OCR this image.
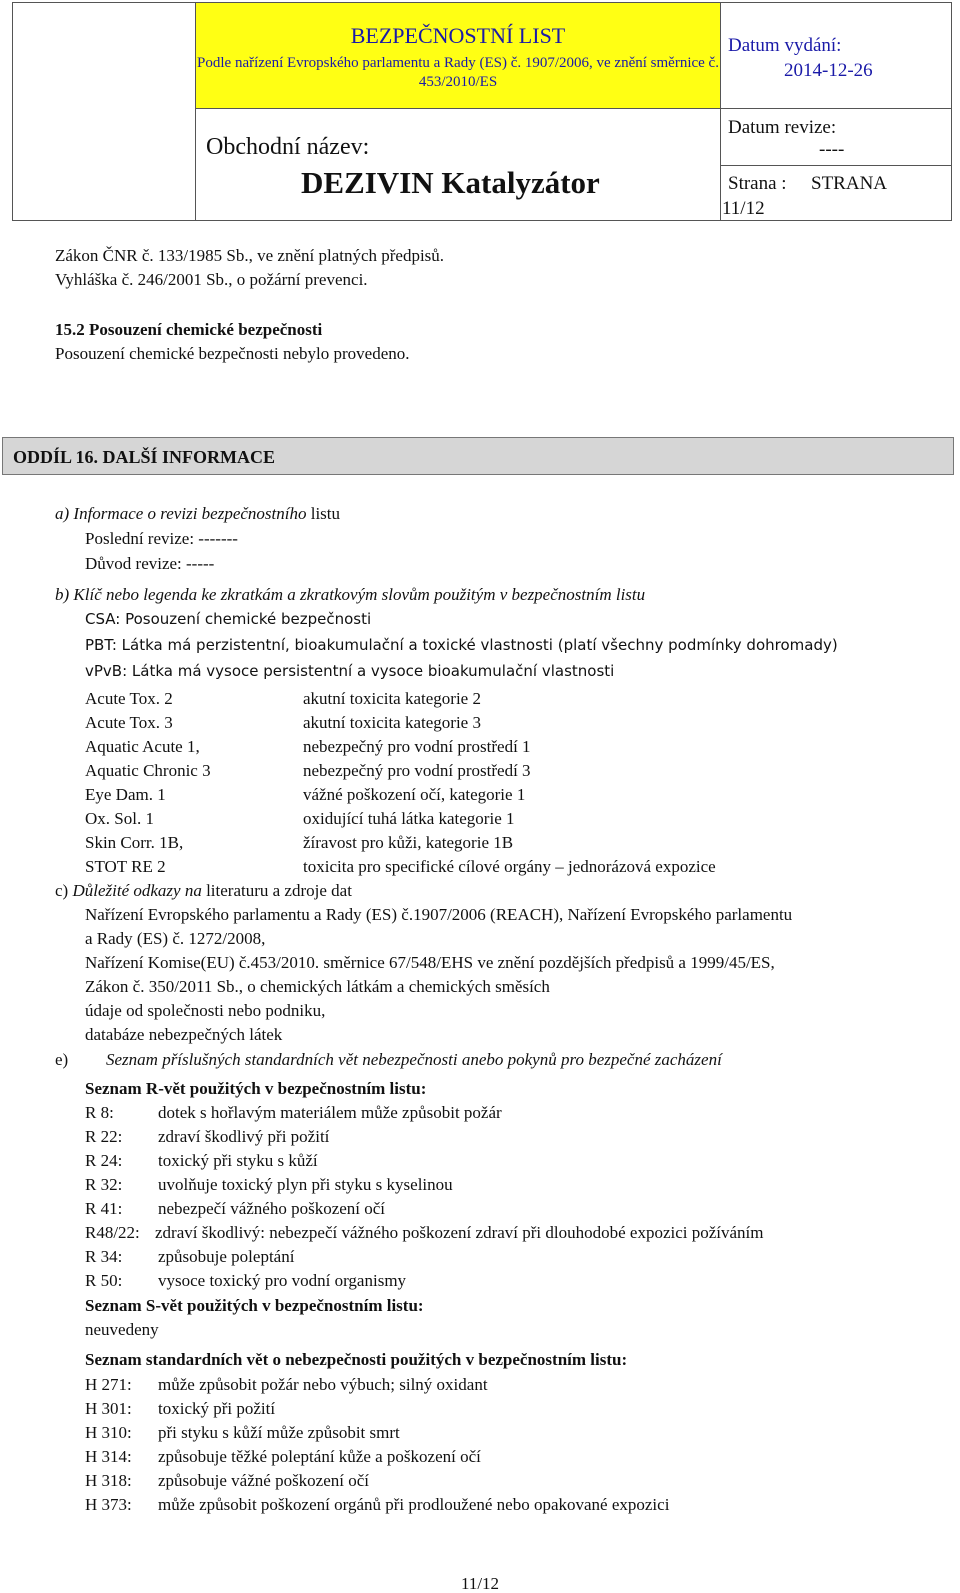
BEZPEČNOSTNÍ LIST
Podle nařízení Evropského parlamentu a Rady (ES) č. 1907/2006, ve znění směrnice č. 453/2010/ES
Obchodní název:
DEZIVIN Katalyzátor
Datum vydání:
2014-12-26
Datum revize:
----
Strana : STRANA
11/12
Zákon ČNR č. 133/1985 Sb., ve znění platných předpisů.
Vyhláška č. 246/2001 Sb., o požární prevenci.
15.2 Posouzení chemické bezpečnosti
Posouzení chemické bezpečnosti nebylo provedeno.
ODDÍL 16. DALŠÍ INFORMACE
a) Informace o revizi bezpečnostního listu
Poslední revize: -------
Důvod revize: -----
b) Klíč nebo legenda ke zkratkám a zkratkovým slovům použitým v bezpečnostním listu
CSA: Posouzení chemické bezpečnosti
PBT: Látka má perzistentní, bioakumulační a toxické vlastnosti (platí všechny podmínky dohromady)
vPvB: Látka má vysoce persistentní a vysoce bioakumulační vlastnosti
Acute Tox. 2	akutní toxicita kategorie 2
Acute Tox. 3	akutní toxicita kategorie 3
Aquatic Acute 1,	nebezpečný pro vodní prostředí 1
Aquatic Chronic 3	nebezpečný pro vodní prostředí 3
Eye Dam. 1	vážné poškození očí, kategorie 1
Ox. Sol. 1	oxidující tuhá látka kategorie 1
Skin Corr. 1B,	žíravost pro kůži, kategorie 1B
STOT RE 2	toxicita pro specifické cílové orgány – jednorázová expozice
c) Důležité odkazy na literaturu a zdroje dat
Nařízení Evropského parlamentu a Rady (ES) č.1907/2006 (REACH), Nařízení Evropského parlamentu
a Rady (ES) č. 1272/2008,
Nařízení Komise(EU) č.453/2010. směrnice 67/548/EHS ve znění pozdějších předpisů a 1999/45/ES,
Zákon č. 350/2011 Sb., o chemických látkám a chemických směsích
údaje od společnosti nebo podniku,
databáze nebezpečných látek
e) Seznam příslušných standardních vět nebezpečnosti anebo pokynů pro bezpečné zacházení
Seznam R-vět použitých v bezpečnostním listu:
R 8:	dotek s hořlavým materiálem může způsobit požár
R 22: zdraví škodlivý při požití
R 24: toxický při styku s kůží
R 32: uvolňuje toxický plyn při styku s kyselinou
R 41: nebezpečí vážného poškození očí
R48/22: zdraví škodlivý: nebezpečí vážného poškození zdraví při dlouhodobé expozici požíváním
R 34: způsobuje poleptání
R 50: vysoce toxický pro vodní organismy
Seznam S-vět použitých v bezpečnostním listu:
neuvedeny
Seznam standardních vět o nebezpečnosti použitých v bezpečnostním listu:
H 271: může způsobit požár nebo výbuch; silný oxidant
H 301: toxický při požití
H 310: při styku s kůží může způsobit smrt
H 314: způsobuje těžké poleptání kůže a poškození očí
H 318: způsobuje vážné poškození očí
H 373: může způsobit poškození orgánů při prodloužené nebo opakované expozici
11/12
